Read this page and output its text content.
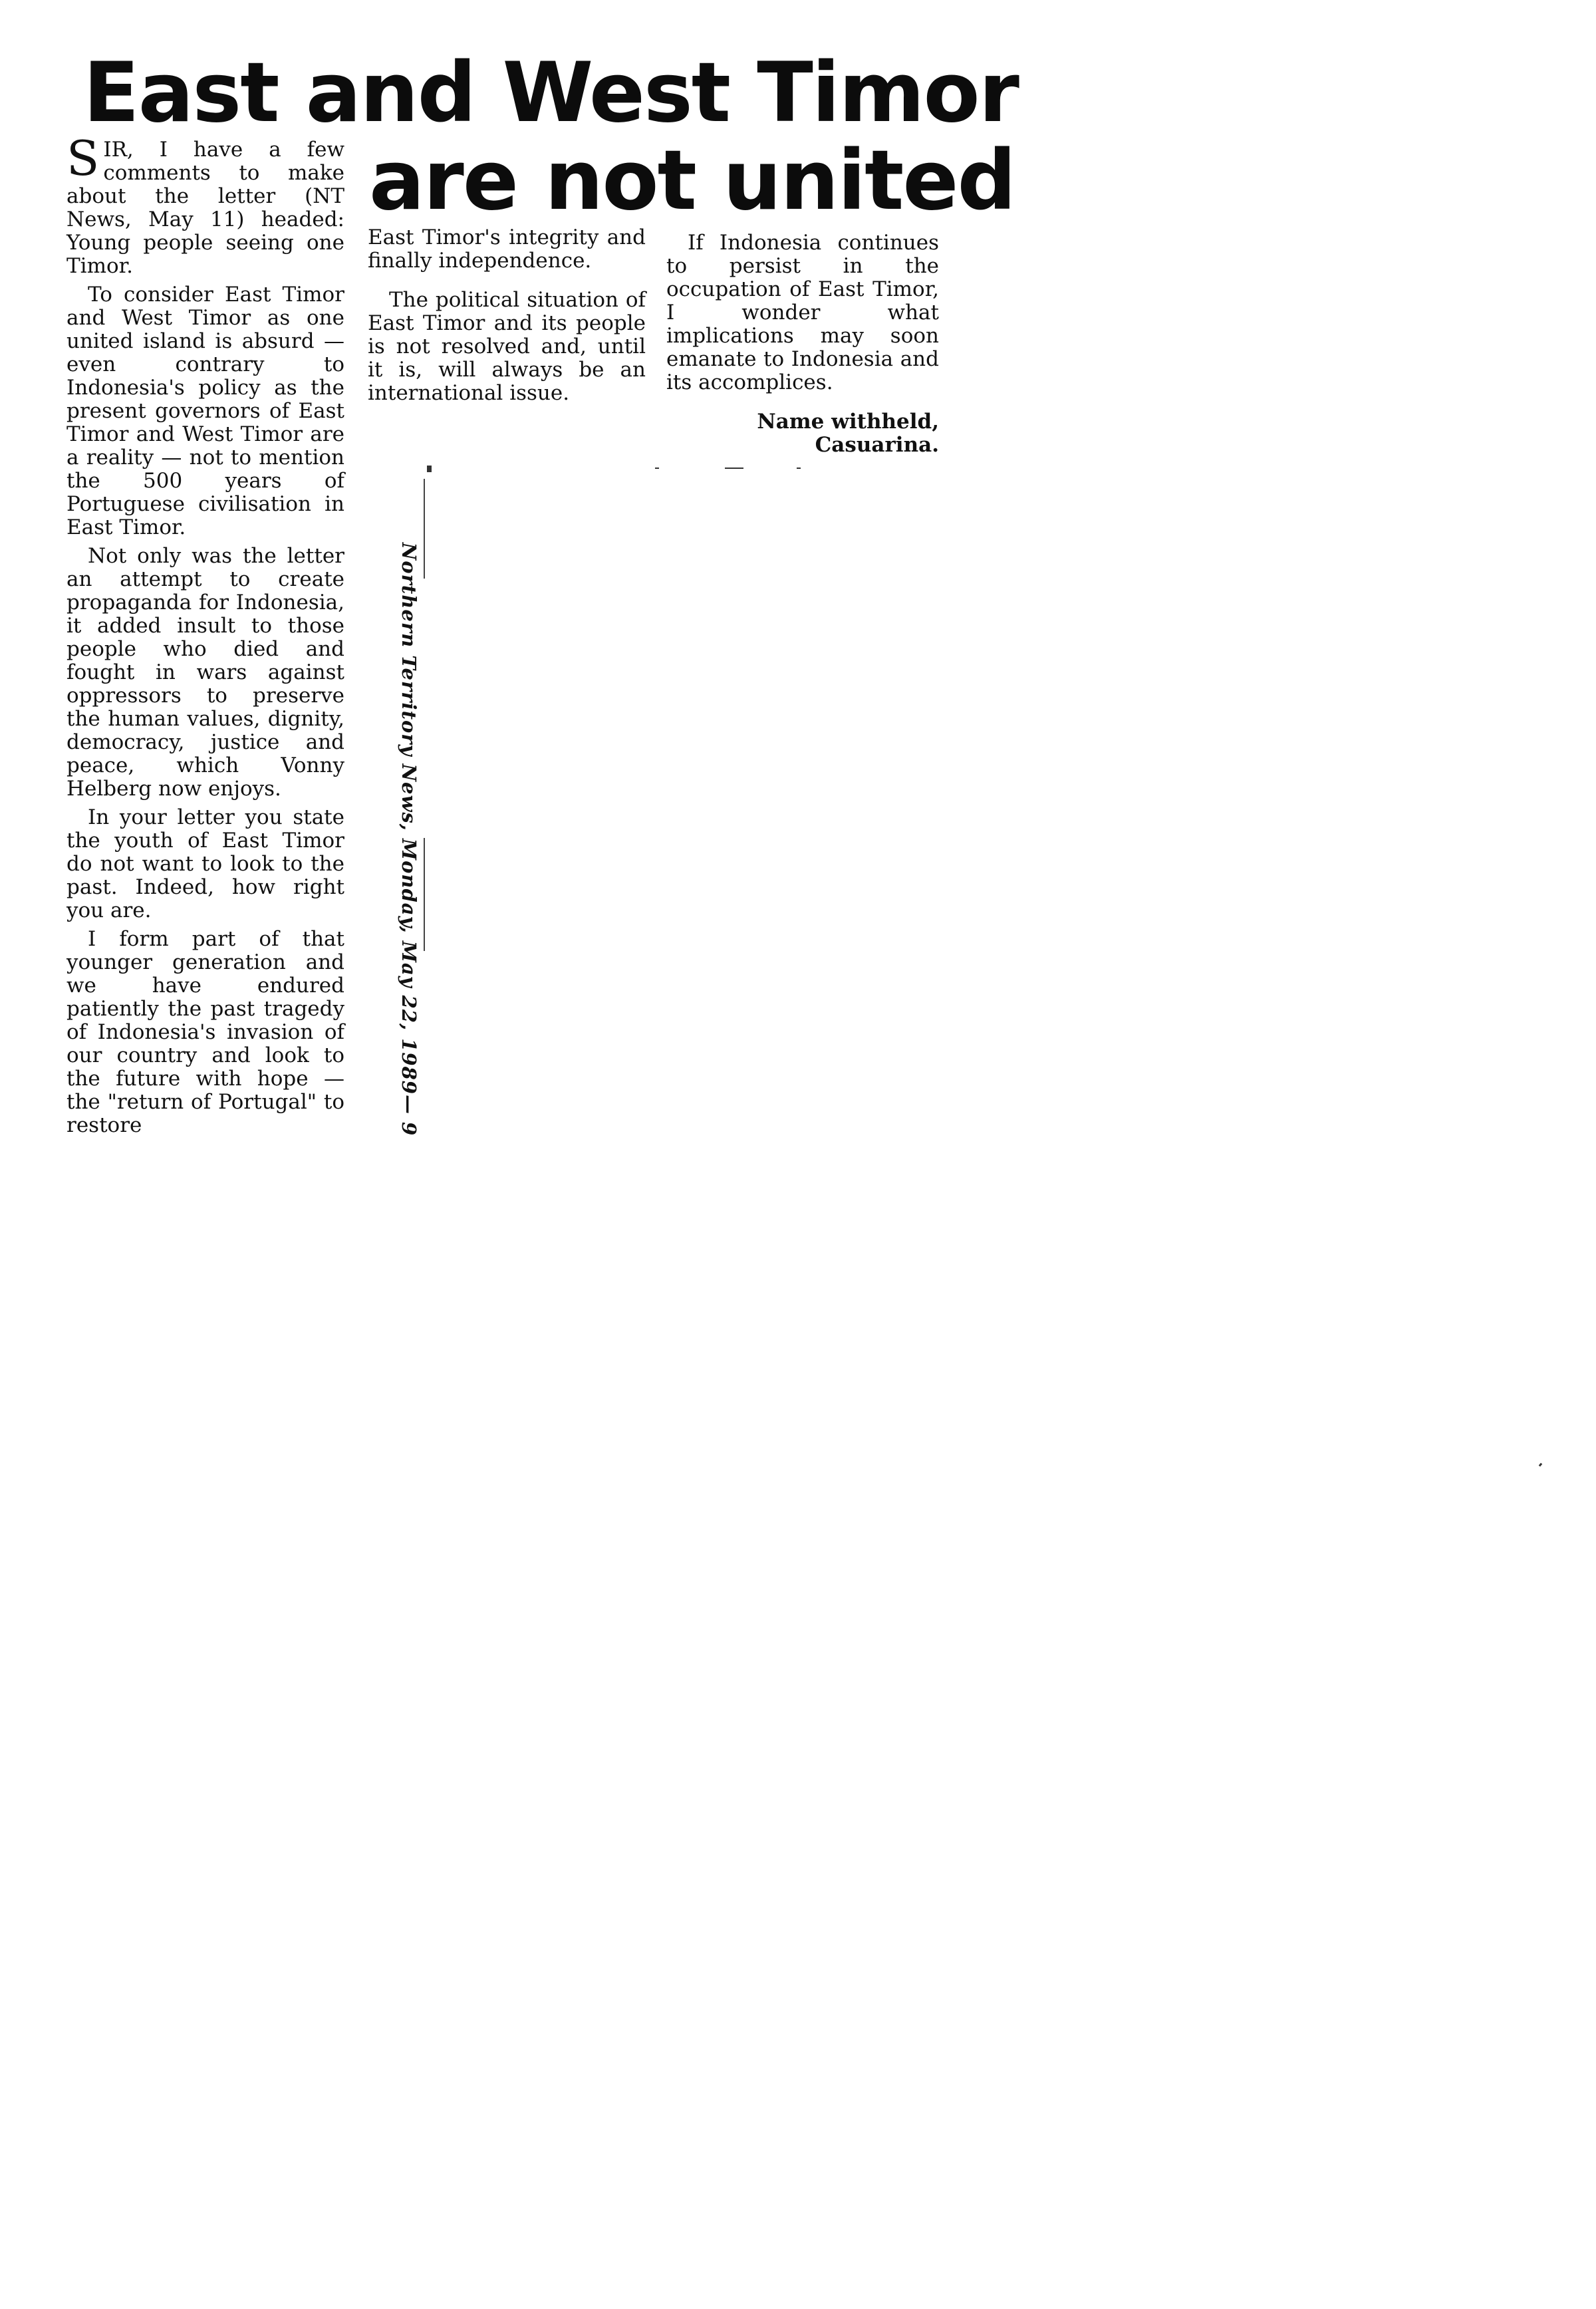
East and West Timor
are not united

SIR, I have a few comments to make about the letter (NT News, May 11) headed: Young people seeing one Timor.

To consider East Timor and West Timor as one united island is absurd — even contrary to Indonesia's policy as the present governors of East Timor and West Timor are a reality — not to mention the 500 years of Portuguese civilisation in East Timor.

Not only was the letter an attempt to create propaganda for Indonesia, it added insult to those people who died and fought in wars against oppressors to preserve the human values, dignity, democracy, justice and peace, which Vonny Helberg now enjoys.

In your letter you state the youth of East Timor do not want to look to the past. Indeed, how right you are.

I form part of that younger generation and we have endured patiently the past tragedy of Indonesia's invasion of our country and look to the future with hope — the "return of Portugal" to restore

East Timor's integrity and finally independence.

The political situation of East Timor and its people is not resolved and, until it is, will always be an international issue.

If Indonesia continues to persist in the occupation of East Timor, I wonder what implications may soon emanate to Indonesia and its accomplices.

Name withheld,
Casuarina.
Northern Territory News, Monday, May 22, 1989— 9
